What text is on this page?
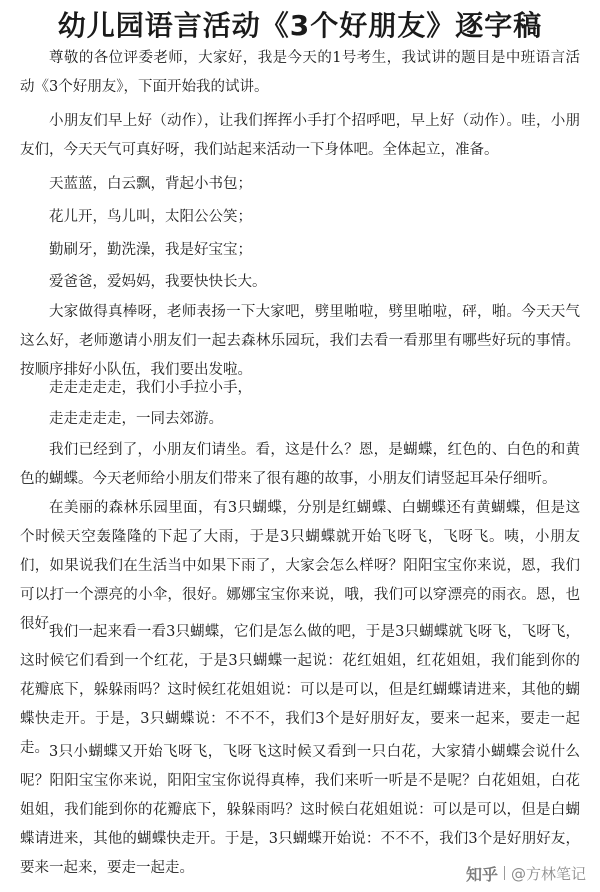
幼儿园语言活动《3个好朋友》逐字稿

尊敬的各位评委老师，大家好，我是今天的1号考生，我试讲的题目是中班语言活动《3个好朋友》，下面开始我的试讲。

小朋友们早上好（动作），让我们挥挥小手打个招呼吧，早上好（动作）。哇，小朋友们，今天天气可真好呀，我们站起来活动一下身体吧。全体起立，准备。

天蓝蓝，白云飘，背起小书包；

花儿开，鸟儿叫，太阳公公笑；

勤刷牙，勤洗澡，我是好宝宝；

爱爸爸，爱妈妈，我要快快长大。

大家做得真棒呀，老师表扬一下大家吧，劈里啪啦，劈里啪啦，砰，啪。今天天气这么好，老师邀请小朋友们一起去森林乐园玩，我们去看一看那里有哪些好玩的事情。按顺序排好小队伍，我们要出发啦。

走走走走走，我们小手拉小手，

走走走走走，一同去郊游。

我们已经到了，小朋友们请坐。看，这是什么？恩，是蝴蝶，红色的、白色的和黄色的蝴蝶。今天老师给小朋友们带来了很有趣的故事，小朋友们请竖起耳朵仔细听。

在美丽的森林乐园里面，有3只蝴蝶，分别是红蝴蝶、白蝴蝶还有黄蝴蝶，但是这个时候天空轰隆隆的下起了大雨，于是3只蝴蝶就开始飞呀飞，飞呀飞。咦，小朋友们，如果说我们在生活当中如果下雨了，大家会怎么样呀？阳阳宝宝你来说，恩，我们可以打一个漂亮的小伞，很好。娜娜宝宝你来说，哦，我们可以穿漂亮的雨衣。恩，也很好。

我们一起来看一看3只蝴蝶，它们是怎么做的吧，于是3只蝴蝶就飞呀飞，飞呀飞，这时候它们看到一个红花，于是3只蝴蝶一起说：花红姐姐，红花姐姐，我们能到你的花瓣底下，躲躲雨吗？这时候红花姐姐说：可以是可以，但是红蝴蝶请进来，其他的蝴蝶快走开。于是，3只蝴蝶说：不不不，我们3个是好朋好友，要来一起来，要走一起走。 3只小蝴蝶又开始飞呀飞，飞呀飞这时候又看到一只白花，大家猜小蝴蝶会说什么呢？阳阳宝宝你来说，阳阳宝宝你说得真棒，我们来听一听是不是呢？白花姐姐，白花姐姐，我们能到你的花瓣底下，躲躲雨吗？这时候白花姐姐说：可以是可以，但是白蝴蝶请进来，其他的蝴蝶快走开。于是，3只蝴蝶开始说：不不不，我们3个是好朋好友，要来一起来，要走一起走。	知乎 @方林笔记
